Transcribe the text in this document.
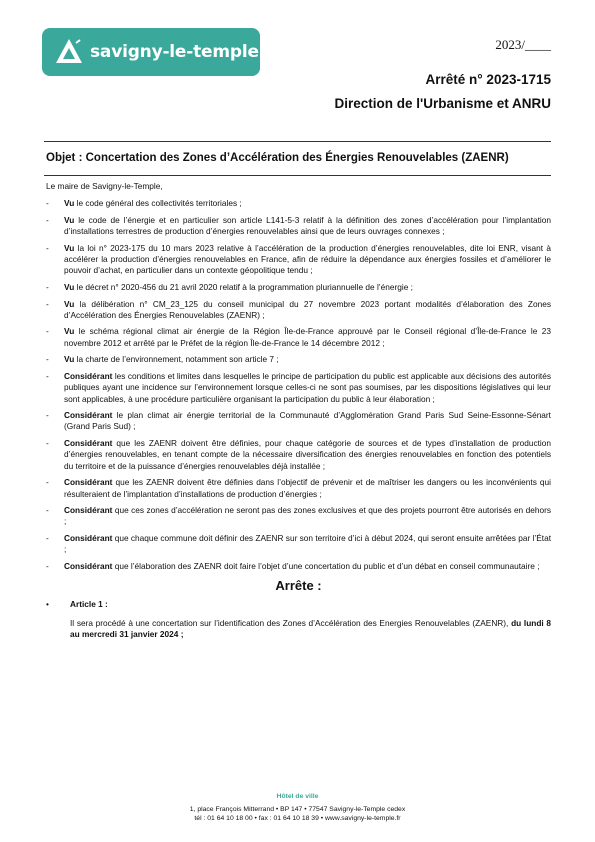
savigny-le-temple	2023/____
Arrêté n° 2023-1715
Direction de l'Urbanisme et ANRU
Objet : Concertation des Zones d’Accélération des Énergies Renouvelables (ZAENR)

Le maire de Savigny-le-Temple,

- Vu le code général des collectivités territoriales ;
- Vu le code de l’énergie et en particulier son article L141-5-3 relatif à la définition des zones d’accélération pour l’implantation d’installations terrestres de production d’énergies renouvelables ainsi que de leurs ouvrages connexes ;
- Vu la loi n° 2023-175 du 10 mars 2023 relative à l’accélération de la production d’énergies renouvelables, dite loi ENR, visant à accélérer la production d’énergies renouvelables en France, afin de réduire la dépendance aux énergies fossiles et d’améliorer le pouvoir d’achat, en particulier dans un contexte géopolitique tendu ;
- Vu le décret n° 2020-456 du 21 avril 2020 relatif à la programmation pluriannuelle de l’énergie ;
- Vu la délibération n° CM_23_125 du conseil municipal du 27 novembre 2023 portant modalités d’élaboration des Zones d’Accélération des Énergies Renouvelables (ZAENR) ;
- Vu le schéma régional climat air énergie de la Région Île-de-France approuvé par le Conseil régional d’Île-de-France le 23 novembre 2012 et arrêté par le Préfet de la région Île-de-France le 14 décembre 2012 ;
- Vu la charte de l’environnement, notamment son article 7 ;
- Considérant les conditions et limites dans lesquelles le principe de participation du public est applicable aux décisions des autorités publiques ayant une incidence sur l’environnement lorsque celles-ci ne sont pas soumises, par les dispositions législatives qui leur sont applicables, à une procédure particulière organisant la participation du public à leur élaboration ;
- Considérant le plan climat air énergie territorial de la Communauté d’Agglomération Grand Paris Sud Seine-Essonne-Sénart (Grand Paris Sud) ;
- Considérant que les ZAENR doivent être définies, pour chaque catégorie de sources et de types d’installation de production d’énergies renouvelables, en tenant compte de la nécessaire diversification des énergies renouvelables en fonction des potentiels du territoire et de la puissance d’énergies renouvelables déjà installée ;
- Considérant que les ZAENR doivent être définies dans l’objectif de prévenir et de maîtriser les dangers ou les inconvénients qui résulteraient de l’implantation d’installations de production d’énergies ;
- Considérant que ces zones d’accélération ne seront pas des zones exclusives et que des projets pourront être autorisés en dehors ;
- Considérant que chaque commune doit définir des ZAENR sur son territoire d’ici à début 2024, qui seront ensuite arrêtées par l’État ;
- Considérant que l’élaboration des ZAENR doit faire l’objet d’une concertation du public et d’un débat en conseil communautaire ;
Arrête :
•	Article 1 :
Il sera procédé à une concertation sur l’identification des Zones d’Accélération des Energies Renouvelables (ZAENR), du lundi 8 au mercredi 31 janvier 2024 ;
Hôtel de ville
1, place François Mitterrand • BP 147 • 77547 Savigny-le-Temple cedex
tél : 01 64 10 18 00 • fax : 01 64 10 18 39 • www.savigny-le-temple.fr
